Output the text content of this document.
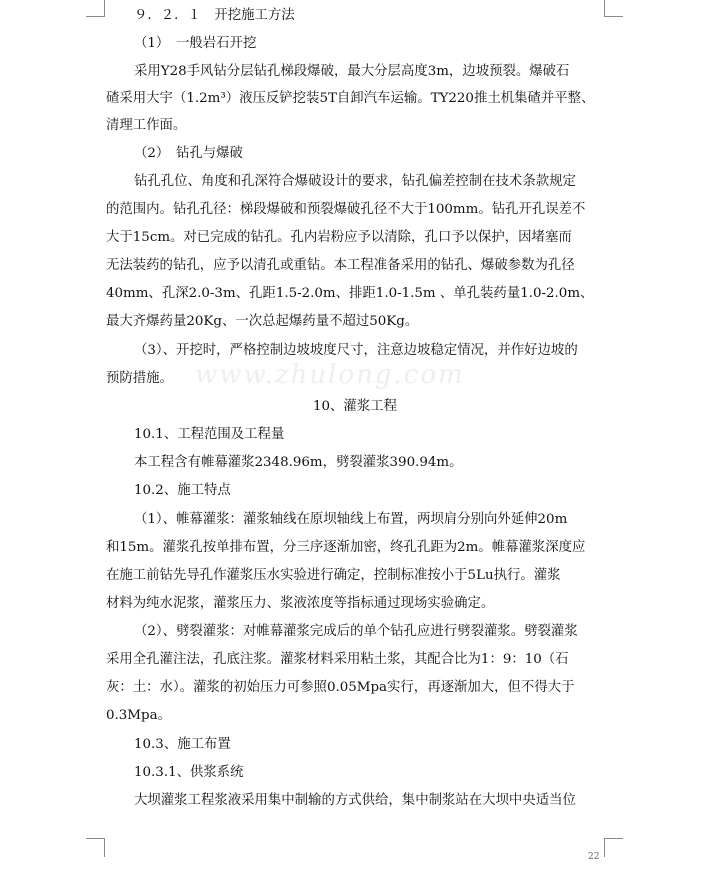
www.zhulong.com
９．２．１　开挖施工方法
（1）　一般岩石开挖
采用Y28手风钻分层钻孔梯段爆破，最大分层高度3m，边坡预裂。爆破石
碴采用大宇（1.2m³）液压反铲挖装5T自卸汽车运输。TY220推土机集碴并平整、
清理工作面。
（2）　钻孔与爆破
钻孔孔位、角度和孔深符合爆破设计的要求，钻孔偏差控制在技术条款规定
的范围内。钻孔孔径：梯段爆破和预裂爆破孔径不大于100mm。钻孔开孔误差不
大于15cm。对已完成的钻孔。孔内岩粉应予以清除，孔口予以保护，因堵塞而
无法装药的钻孔，应予以清孔或重钻。本工程准备采用的钻孔、爆破参数为孔径
40mm、孔深2.0-3m、孔距1.5-2.0m、排距1.0-1.5m 、单孔装药量1.0-2.0m、
最大齐爆药量20Kg、一次总起爆药量不超过50Kg。
（3）、开挖时，严格控制边坡坡度尺寸，注意边坡稳定情况，并作好边坡的
预防措施。
10、灌浆工程
10.1、工程范围及工程量
本工程含有帷幕灌浆2348.96m，劈裂灌浆390.94m。
10.2、施工特点
（1）、帷幕灌浆：灌浆轴线在原坝轴线上布置，两坝肩分别向外延伸20m
和15m。灌浆孔按单排布置，分三序逐渐加密，终孔孔距为2m。帷幕灌浆深度应
在施工前钻先导孔作灌浆压水实验进行确定，控制标准按小于5Lu执行。灌浆
材料为纯水泥浆，灌浆压力、浆液浓度等指标通过现场实验确定。
（2）、劈裂灌浆：对帷幕灌浆完成后的单个钻孔应进行劈裂灌浆。劈裂灌浆
采用全孔灌注法，孔底注浆。灌浆材料采用粘土浆，其配合比为1：9：10（石
灰：土：水）。灌浆的初始压力可参照0.05Mpa实行，再逐渐加大，但不得大于
0.3Mpa。
10.3、施工布置
10.3.1、供浆系统
大坝灌浆工程浆液采用集中制输的方式供给，集中制浆站在大坝中央适当位
22
